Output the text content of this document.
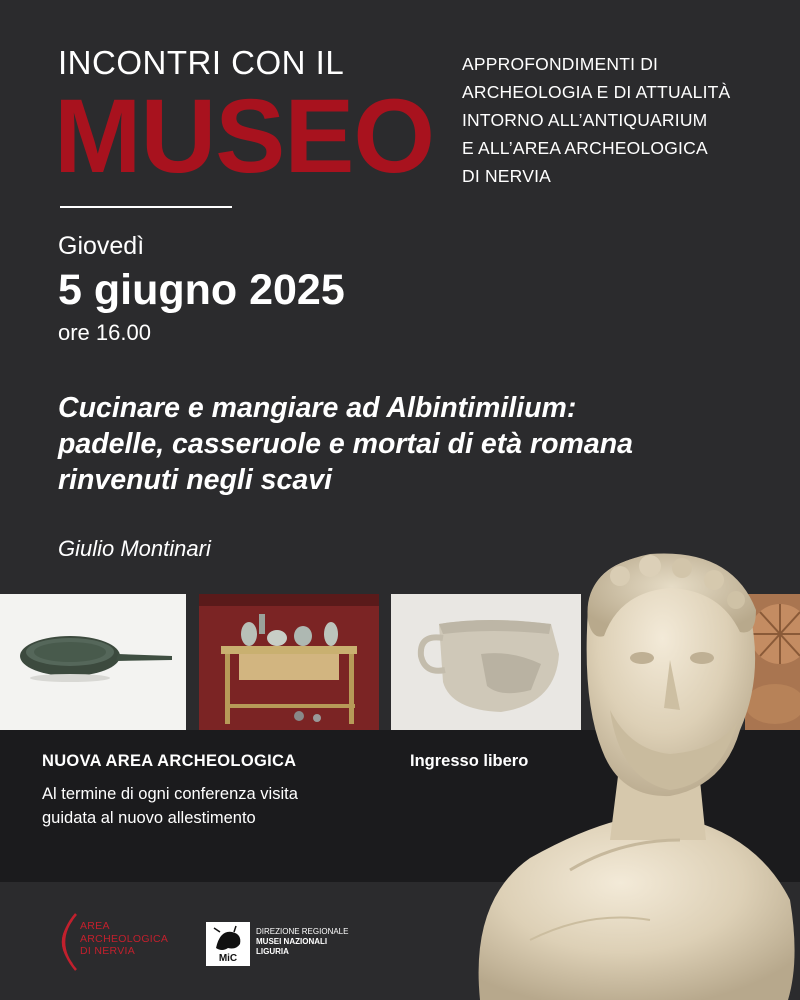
INCONTRI CON IL
MUSEO
APPROFONDIMENTI DI
ARCHEOLOGIA E DI ATTUALITÀ
INTORNO ALL’ANTIQUARIUM
E ALL’AREA ARCHEOLOGICA
DI NERVIA
Giovedì
5 giugno 2025
ore 16.00
Cucinare e mangiare ad Albintimilium:
padelle, casseruole e mortai di età romana
rinvenuti negli scavi
Giulio Montinari
NUOVA AREA ARCHEOLOGICA
Al termine di ogni conferenza visita
guidata al nuovo allestimento
Ingresso libero
AREA
ARCHEOLOGICA
DI NERVIA
MiC
DIREZIONE REGIONALE
MUSEI NAZIONALI
LIGURIA
